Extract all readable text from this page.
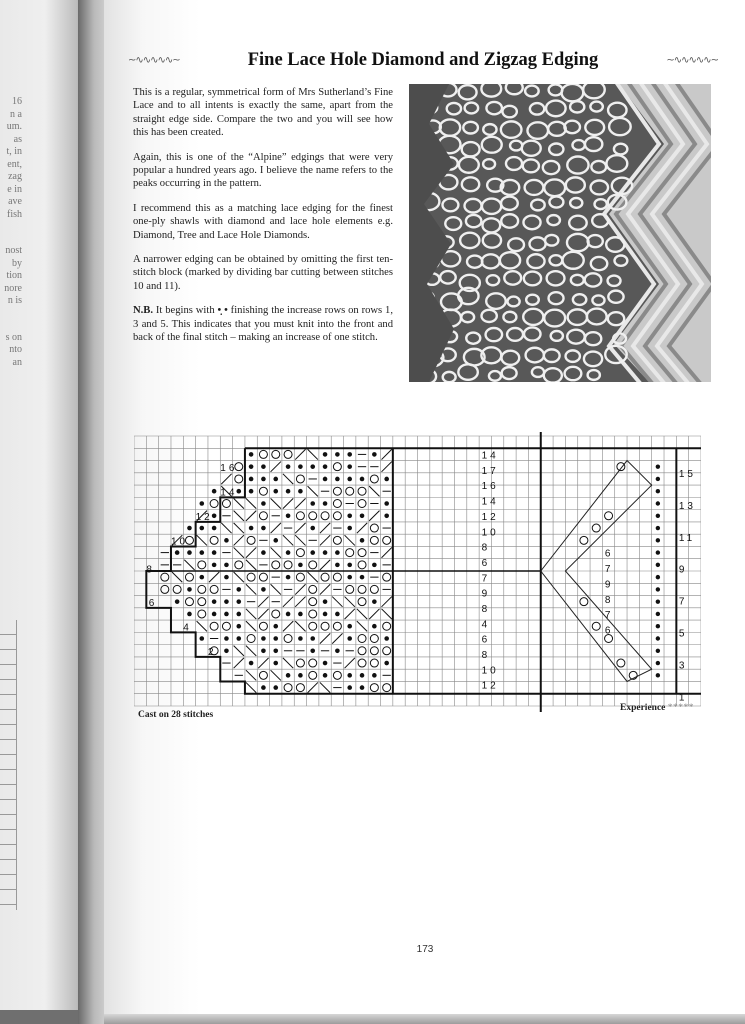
16
n a
um.
as
t, in
ent,
zag
e in
ave
fish
nost
by
tion
nore
n is
s on
nto
an
~∿∿∿∿∿~	Fine Lace Hole Diamond and Zigzag Edging	~∿∿∿∿∿~

This is a regular, symmetrical form of Mrs Sutherland’s Fine Lace and to all intents is exactly the same, apart from the straight edge side. Compare the two and you will see how this has been created.

Again, this is one of the “Alpine” edgings that were very popular a hundred years ago. I believe the name refers to the peaks occurring in the pattern.

I recommend this as a matching lace edging for the finest one-ply shawls with diamond and lace hole elements e.g. Diamond, Tree and Lace Hole Diamonds.

A narrower edging can be obtained by omitting the first ten-stitch block (marked by dividing bar cutting between stitches 10 and 11).

N.B. It begins with •̣ • finishing the increase rows on rows 1, 3 and 5. This indicates that you must knit into the front and back of the final stitch – making an increase of one stitch.

16
14
12
10
8
6
4
2
15
13
11
9
7
5
3
1
14
17
16
14
12
10
8
6
7
9
8
4
6
8
10
12
6
7
9
8
7
6
Cast on 28 stitches
Experience *****
173
